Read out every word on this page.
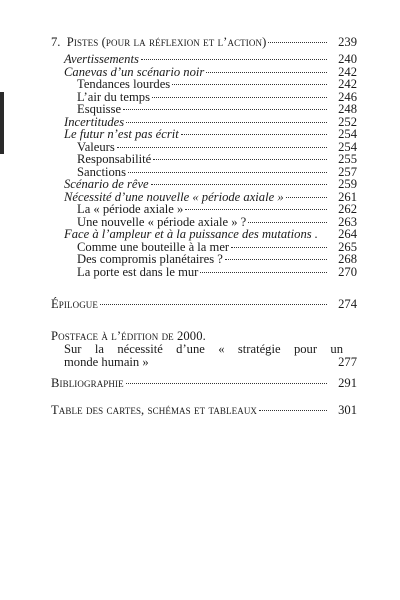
7. Pistes (pour la réflexion et l’action)	239
Avertissements	240
Canevas d’un scénario noir	242
Tendances lourdes	242
L’air du temps	246
Esquisse	248
Incertitudes	252
Le futur n’est pas écrit	254
Valeurs	254
Responsabilité	255
Sanctions	257
Scénario de rêve	259
Nécessité d’une nouvelle « période axiale »	261
La « période axiale »	262
Une nouvelle « période axiale » ?	263
Face à l’ampleur et à la puissance des mutations .	264
Comme une bouteille à la mer	265
Des compromis planétaires ?	268
La porte est dans le mur	270
Épilogue	274
Postface à l’édition de 2000.
Sur la nécessité d’une « stratégie pour un
monde humain »	277
Bibliographie	291
Table des cartes, schémas et tableaux	301
